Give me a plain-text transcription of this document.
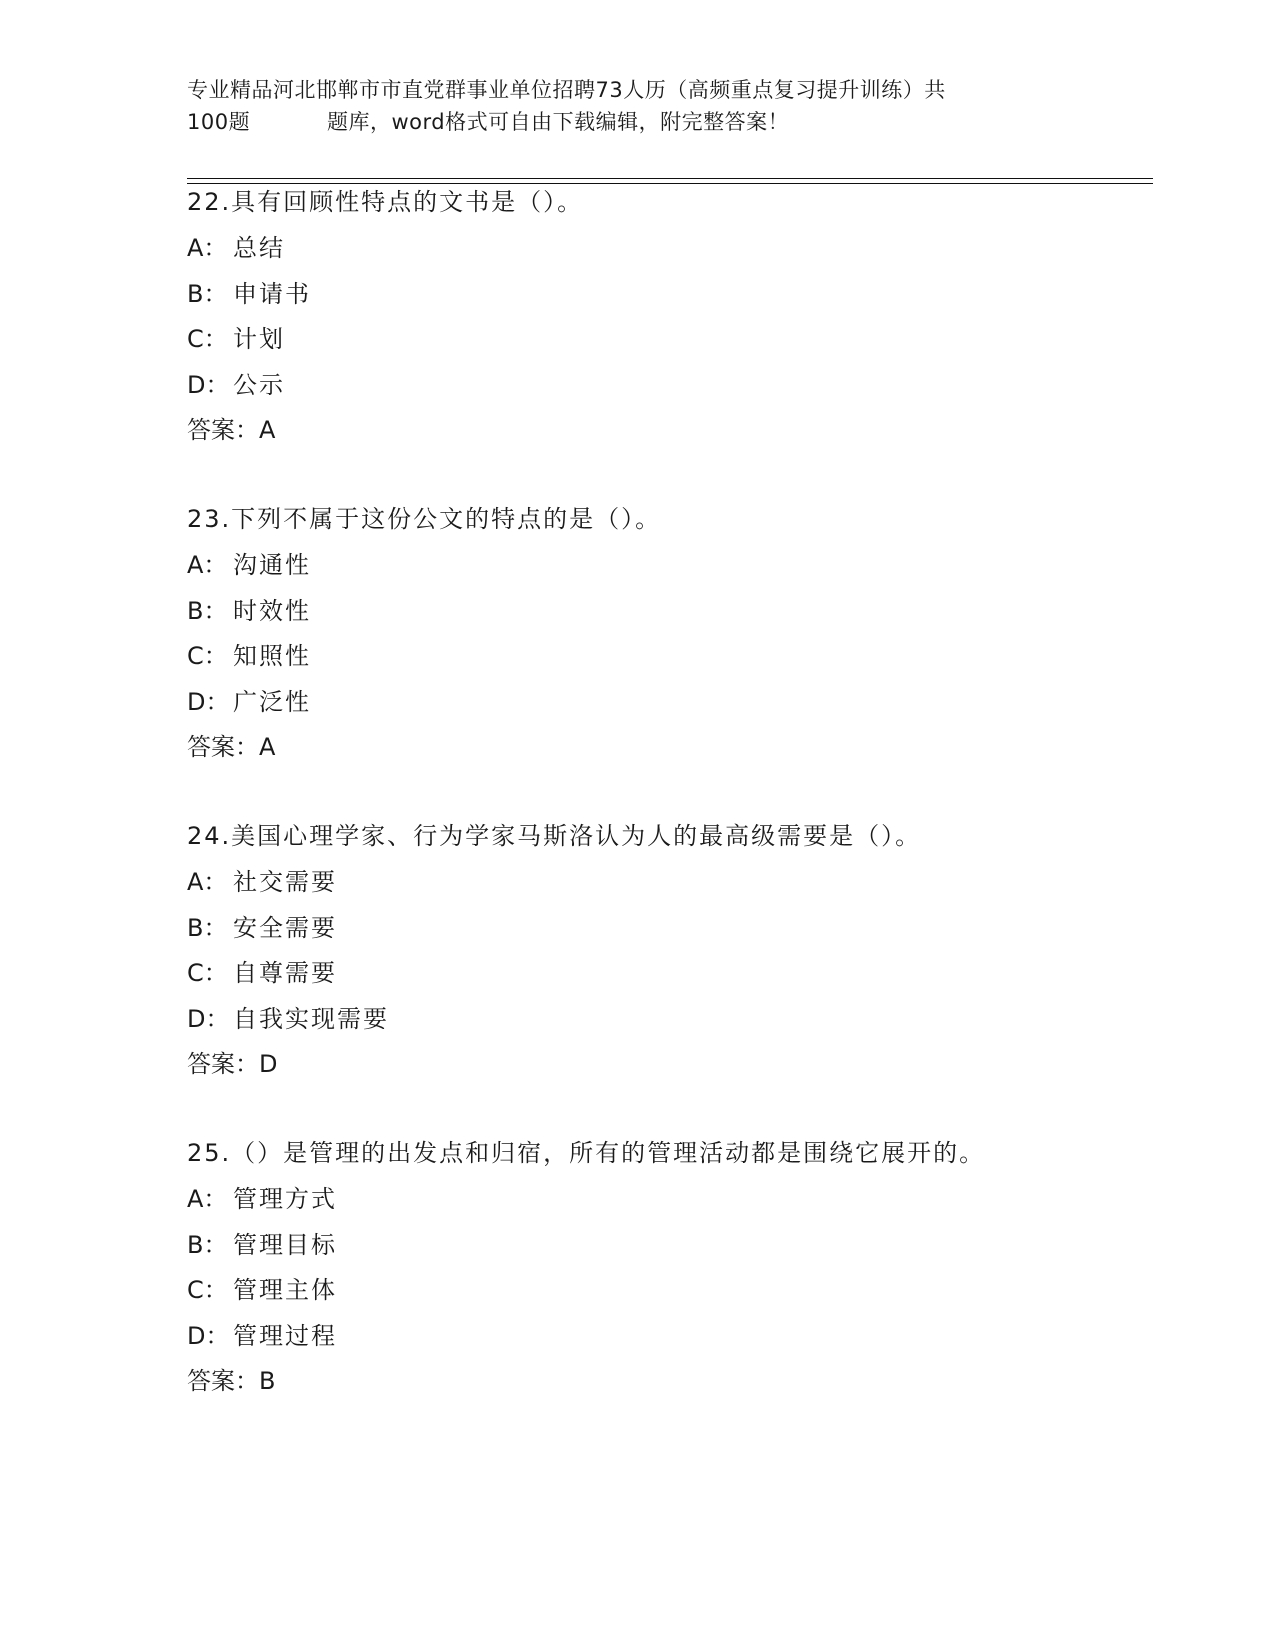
专业精品河北邯郸市市直党群事业单位招聘73人历（高频重点复习提升训练）共
100题	题库，word格式可自由下载编辑，附完整答案！
22.具有回顾性特点的文书是（）。
A： 总结
B： 申请书
C： 计划
D： 公示
答案：A
23.下列不属于这份公文的特点的是（）。
A： 沟通性
B： 时效性
C： 知照性
D： 广泛性
答案：A
24.美国心理学家、行为学家马斯洛认为人的最高级需要是（）。
A： 社交需要
B： 安全需要
C： 自尊需要
D： 自我实现需要
答案：D
25.（）是管理的出发点和归宿，所有的管理活动都是围绕它展开的。
A： 管理方式
B： 管理目标
C： 管理主体
D： 管理过程
答案：B
